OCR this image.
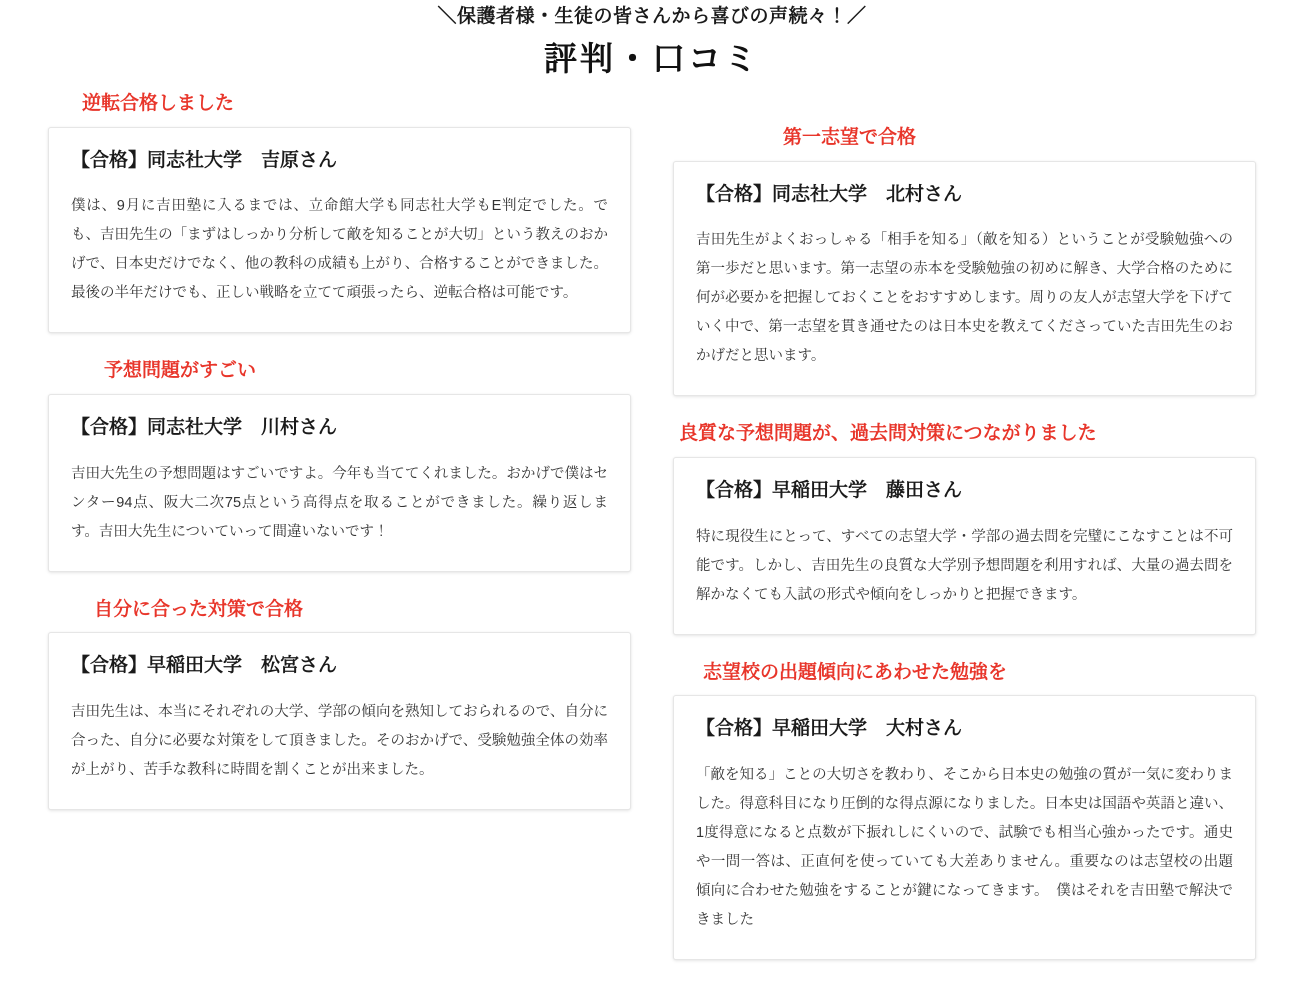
＼保護者様・生徒の皆さんから喜びの声続々！／
評判・口コミ
逆転合格しました
【合格】同志社大学　吉原さん
僕は、9月に吉田塾に入るまでは、立命館大学も同志社大学もE判定でした。でも、吉田先生の「まずはしっかり分析して敵を知ることが大切」という教えのおかげで、日本史だけでなく、他の教科の成績も上がり、合格することができました。最後の半年だけでも、正しい戦略を立てて頑張ったら、逆転合格は可能です。
予想問題がすごい
【合格】同志社大学　川村さん
吉田大先生の予想問題はすごいですよ。今年も当ててくれました。おかげで僕はセンター94点、阪大二次75点という高得点を取ることができました。繰り返します。吉田大先生についていって間違いないです！
自分に合った対策で合格
【合格】早稲田大学　松宮さん
吉田先生は、本当にそれぞれの大学、学部の傾向を熟知しておられるので、自分に合った、自分に必要な対策をして頂きました。そのおかげで、受験勉強全体の効率が上がり、苦手な教科に時間を割くことが出来ました。
第一志望で合格
【合格】同志社大学　北村さん
吉田先生がよくおっしゃる「相手を知る」（敵を知る）ということが受験勉強への第一歩だと思います。第一志望の赤本を受験勉強の初めに解き、大学合格のために何が必要かを把握しておくことをおすすめします。周りの友人が志望大学を下げていく中で、第一志望を貫き通せたのは日本史を教えてくださっていた吉田先生のおかげだと思います。
良質な予想問題が、過去問対策につながりました
【合格】早稲田大学　藤田さん
特に現役生にとって、すべての志望大学・学部の過去問を完璧にこなすことは不可能です。しかし、吉田先生の良質な大学別予想問題を利用すれば、大量の過去問を解かなくても入試の形式や傾向をしっかりと把握できます。
志望校の出題傾向にあわせた勉強を
【合格】早稲田大学　大村さん
「敵を知る」ことの大切さを教わり、そこから日本史の勉強の質が一気に変わりました。得意科目になり圧倒的な得点源になりました。日本史は国語や英語と違い、1度得意になると点数が下振れしにくいので、試験でも相当心強かったです。通史や一問一答は、正直何を使っていても大差ありません。重要なのは志望校の出題傾向に合わせた勉強をすることが鍵になってきます。　僕はそれを吉田塾で解決できました
